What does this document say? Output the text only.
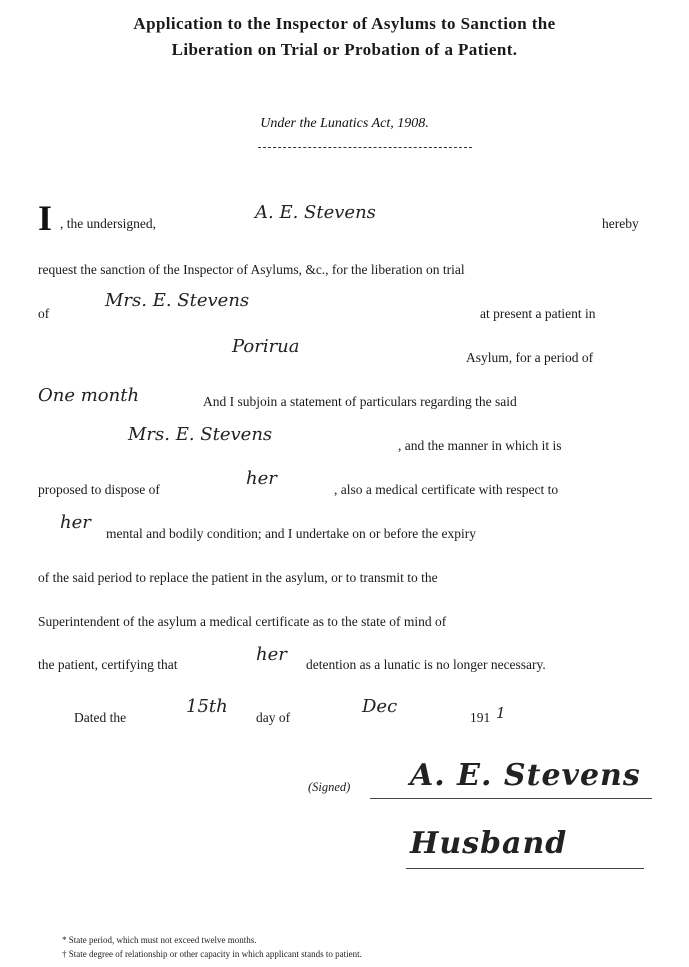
Application to the Inspector of Asylums to Sanction the
Liberation on Trial or Probation of a Patient.
Under the Lunatics Act, 1908.
I , the undersigned,
A. E. Stevens
hereby
request the sanction of the Inspector of Asylums, &c., for the liberation on trial
of
Mrs. E. Stevens
at present a patient in
Porirua
Asylum, for a period of
One month	And I subjoin a statement of particulars regarding the said
Mrs. E. Stevens
, and the manner in which it is
proposed to dispose of
her
, also a medical certificate with respect to
her
mental and bodily condition; and I undertake on or before the expiry
of the said period to replace the patient in the asylum, or to transmit to the
Superintendent of the asylum a medical certificate as to the state of mind of
the patient, certifying that	her detention as a lunatic is no longer necessary.
Dated the
15th
day of
Dec
191 1
(Signed) A. E. Stevens
Husband
* State period, which must not exceed twelve months.
† State degree of relationship or other capacity in which applicant stands to patient.
